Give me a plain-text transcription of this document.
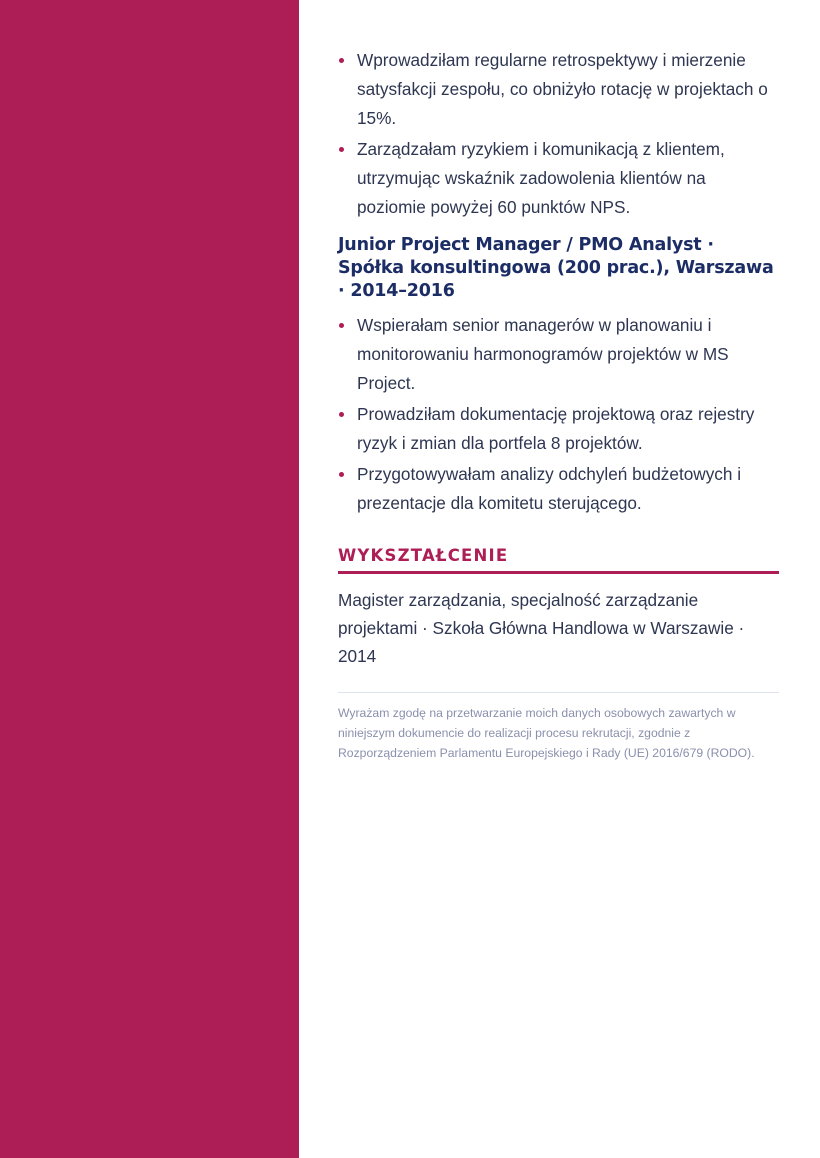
Wprowadziłam regularne retrospektywy i mierzenie satysfakcji zespołu, co obniżyło rotację w projektach o 15%.
Zarządzałam ryzykiem i komunikacją z klientem, utrzymując wskaźnik zadowolenia klientów na poziomie powyżej 60 punktów NPS.
Junior Project Manager / PMO Analyst · Spółka konsultingowa (200 prac.), Warszawa · 2014–2016
Wspierałam senior managerów w planowaniu i monitorowaniu harmonogramów projektów w MS Project.
Prowadziłam dokumentację projektową oraz rejestry ryzyk i zmian dla portfela 8 projektów.
Przygotowywałam analizy odchyleń budżetowych i prezentacje dla komitetu sterującego.
WYKSZTAŁCENIE
Magister zarządzania, specjalność zarządzanie projektami · Szkoła Główna Handlowa w Warszawie · 2014
Wyrażam zgodę na przetwarzanie moich danych osobowych zawartych w niniejszym dokumencie do realizacji procesu rekrutacji, zgodnie z Rozporządzeniem Parlamentu Europejskiego i Rady (UE) 2016/679 (RODO).
